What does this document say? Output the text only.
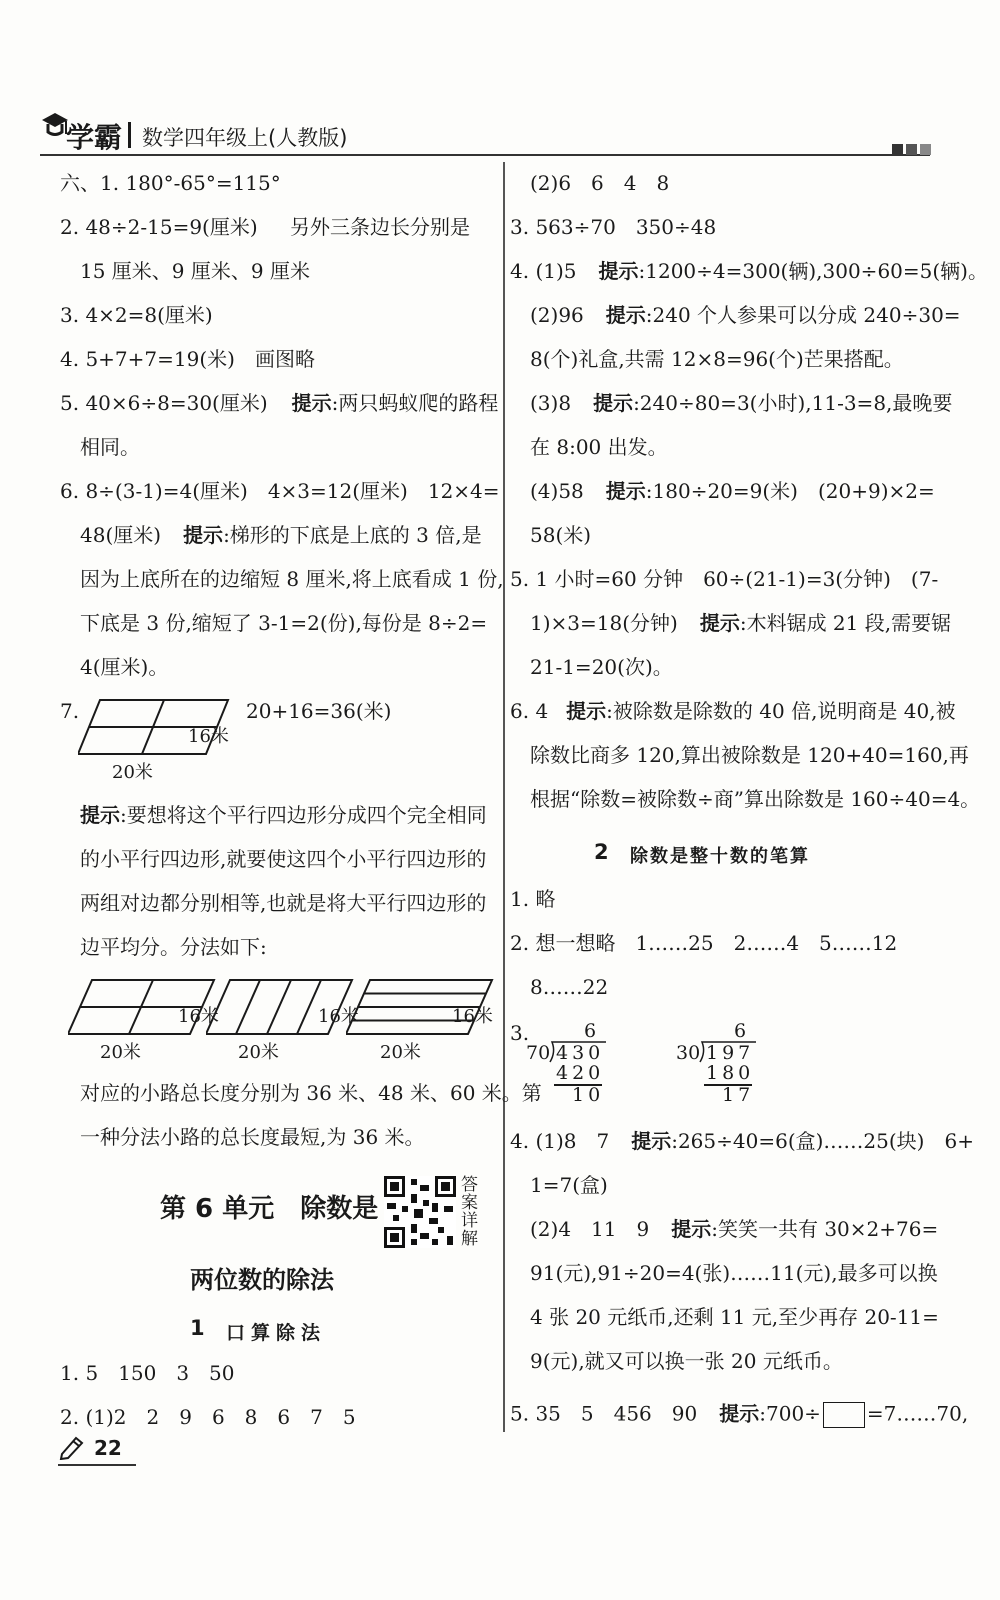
学霸 数学四年级上(人教版)
六、1. 180°-65°=115°
2. 48÷2-15=9(厘米) 另外三条边长分别是
15 厘米、9 厘米、9 厘米
3. 4×2=8(厘米)
4. 5+7+7=19(米)　画图略
5. 40×6÷8=30(厘米) 提示:两只蚂蚁爬的路程
相同。
6. 8÷(3-1)=4(厘米)　4×3=12(厘米)　12×4=
48(厘米) 提示:梯形的下底是上底的 3 倍,是
因为上底所在的边缩短 8 厘米,将上底看成 1 份,
下底是 3 份,缩短了 3-1=2(份),每份是 8÷2=
4(厘米)。
7.
16米
20米
20+16=36(米)
提示:要想将这个平行四边形分成四个完全相同
的小平行四边形,就要使这四个小平行四边形的
两组对边都分别相等,也就是将大平行四边形的
边平均分。分法如下:
16米
20米
16米
20米
16米
20米
对应的小路总长度分别为 36 米、48 米、60 米。第
一种分法小路的总长度最短,为 36 米。
第 6 单元　除数是
答案详解
两位数的除法
1 口算除法
1. 5　150　3　50
2. (1)2　2　9　6　8　6　7　5
22
(2)6　6　4　8
3. 563÷70　350÷48
4. (1)5 提示:1200÷4=300(辆),300÷60=5(辆)。
(2)96 提示:240 个人参果可以分成 240÷30=
8(个)礼盒,共需 12×8=96(个)芒果搭配。
(3)8 提示:240÷80=3(小时),11-3=8,最晚要
在 8:00 出发。
(4)58 提示:180÷20=9(米)　(20+9)×2=
58(米)
5. 1 小时=60 分钟　60÷(21-1)=3(分钟)　(7-
1)×3=18(分钟) 提示:木料锯成 21 段,需要锯
21-1=20(次)。
6. 4 提示:被除数是除数的 40 倍,说明商是 40,被
除数比商多 120,算出被除数是 120+40=160,再
根据“除数=被除数÷商”算出除数是 160÷40=4。
2 除数是整十数的笔算
1. 略
2. 想一想略　1……25　2……4　5……12
8……22
3.	6
70 430
420
10
6
30 197
180
17
4. (1)8　7 提示:265÷40=6(盒)……25(块)　6+
1=7(盒)
(2)4　11　9 提示:笑笑一共有 30×2+76=
91(元),91÷20=4(张)……11(元),最多可以换
4 张 20 元纸币,还剩 11 元,至少再存 20-11=
9(元),就又可以换一张 20 元纸币。
5. 35　5　456　90 提示:700÷ =7……70,
